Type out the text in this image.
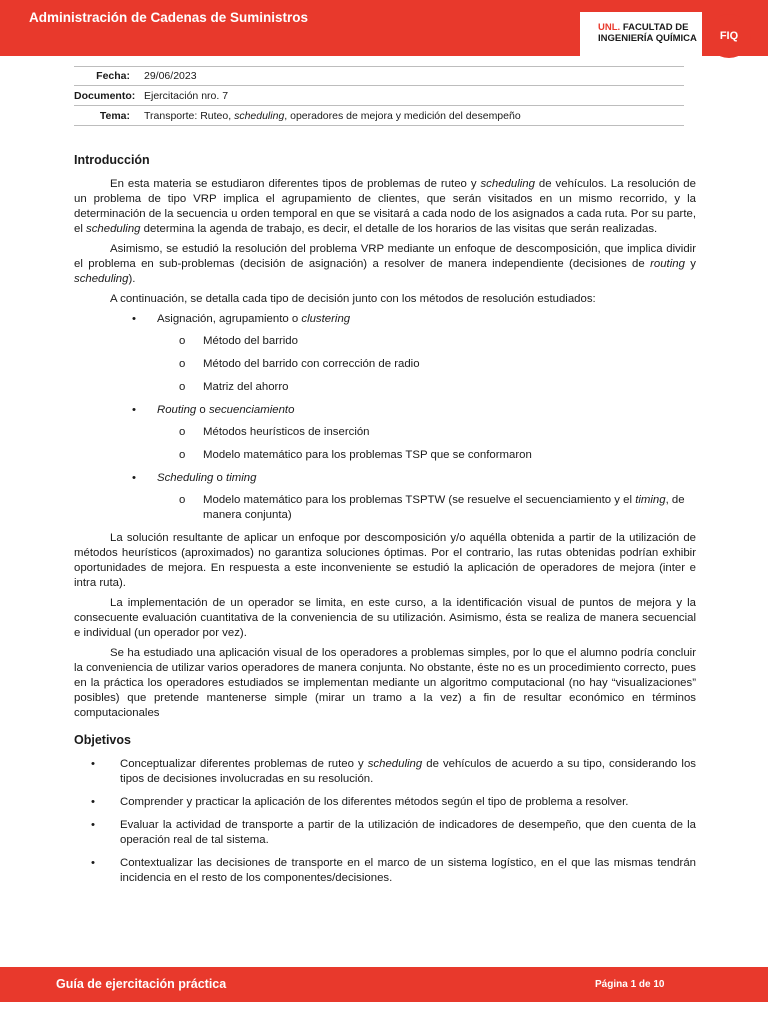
Administración de Cadenas de Suministros
UNL. FACULTAD DE
INGENIERÍA QUÍMICA	FIQ
Fecha:	29/06/2023
Documento: Ejercitación nro. 7
Tema:	Transporte: Ruteo, scheduling, operadores de mejora y medición del desempeño
Introducción

En esta materia se estudiaron diferentes tipos de problemas de ruteo y scheduling de vehículos. La resolución de un problema de tipo VRP implica el agrupamiento de clientes, que serán visitados en un mismo recorrido, y la determinación de la secuencia u orden temporal en que se visitará a cada nodo de los asignados a cada ruta. Por su parte, el scheduling determina la agenda de trabajo, es decir, el detalle de los horarios de las visitas que serán realizadas.

Asimismo, se estudió la resolución del problema VRP mediante un enfoque de descomposición, que implica dividir el problema en sub-problemas (decisión de asignación) a resolver de manera independiente (decisiones de routing y scheduling).

A continuación, se detalla cada tipo de decisión junto con los métodos de resolución estudiados:

• Asignación, agrupamiento o clustering
o Método del barrido
o Método del barrido con corrección de radio
o Matriz del ahorro
• Routing o secuenciamiento
o Métodos heurísticos de inserción
o Modelo matemático para los problemas TSP que se conformaron
• Scheduling o timing
o Modelo matemático para los problemas TSPTW (se resuelve el secuenciamiento y el timing, de manera conjunta)

La solución resultante de aplicar un enfoque por descomposición y/o aquélla obtenida a partir de la utilización de métodos heurísticos (aproximados) no garantiza soluciones óptimas. Por el contrario, las rutas obtenidas podrían exhibir oportunidades de mejora. En respuesta a este inconveniente se estudió la aplicación de operadores de mejora (inter e intra ruta).

La implementación de un operador se limita, en este curso, a la identificación visual de puntos de mejora y la consecuente evaluación cuantitativa de la conveniencia de su utilización. Asimismo, ésta se realiza de manera secuencial e individual (un operador por vez).

Se ha estudiado una aplicación visual de los operadores a problemas simples, por lo que el alumno podría concluir la conveniencia de utilizar varios operadores de manera conjunta. No obstante, éste no es un procedimiento correcto, pues en la práctica los operadores estudiados se implementan mediante un algoritmo computacional (no hay “visualizaciones” posibles) que pretende mantenerse simple (mirar un tramo a la vez) a fin de resultar económico en términos computacionales

Objetivos
• Conceptualizar diferentes problemas de ruteo y scheduling de vehículos de acuerdo a su tipo, considerando los tipos de decisiones involucradas en su resolución.
• Comprender y practicar la aplicación de los diferentes métodos según el tipo de problema a resolver.
• Evaluar la actividad de transporte a partir de la utilización de indicadores de desempeño, que den cuenta de la operación real de tal sistema.
• Contextualizar las decisiones de transporte en el marco de un sistema logístico, en el que las mismas tendrán incidencia en el resto de los componentes/decisiones.
Guía de ejercitación práctica	Página 1 de 10
